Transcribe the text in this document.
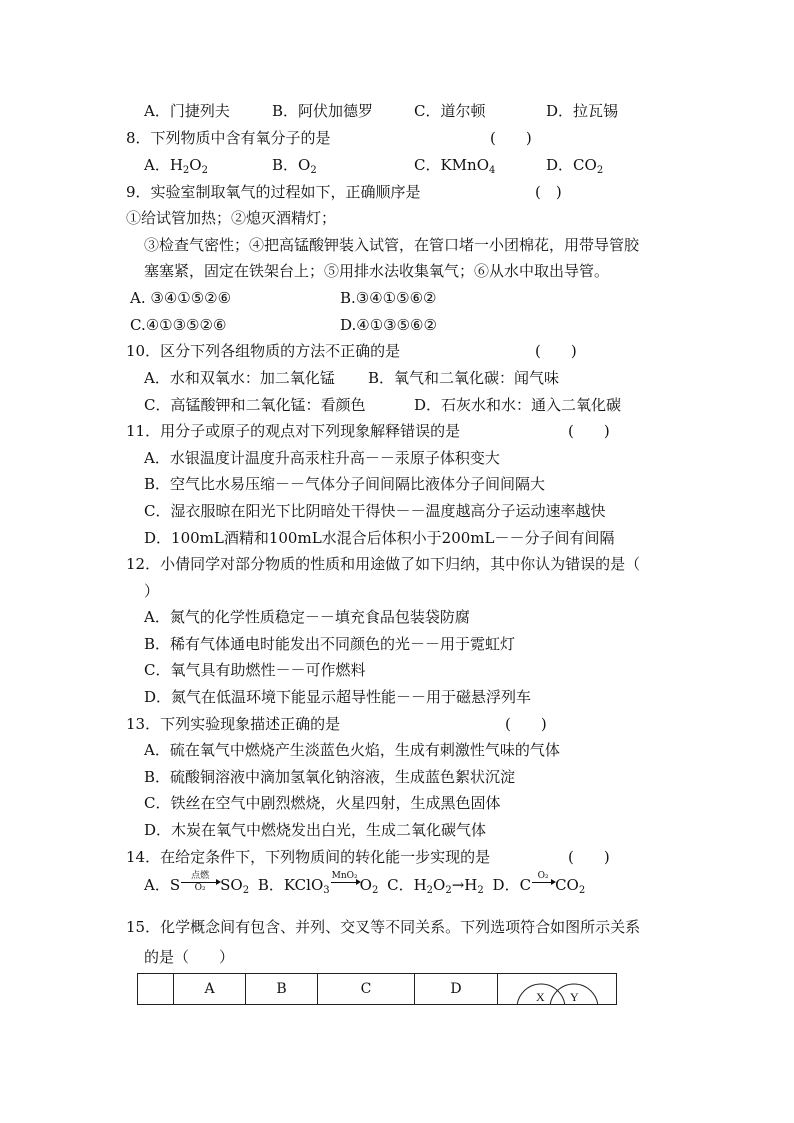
A．门捷列夫	B．阿伏加德罗	C．道尔顿	D．拉瓦锡
8．下列物质中含有氧分子的是	(　　)
A．$H_2O_2$	B．$O_2$	C．KMnO$_4$	D．$CO_2$
9．实验室制取氧气的过程如下，正确顺序是	(　)
①给试管加热；②熄灭酒精灯；
③检查气密性；④把高锰酸钾装入试管，在管口堵一小团棉花，用带导管胶
塞塞紧，固定在铁架台上；⑤用排水法收集氧气；⑥从水中取出导管。
A. ③④①⑤②⑥	B.③④①⑤⑥②
C.④①③⑤②⑥	D.④①③⑤⑥②
10．区分下列各组物质的方法不正确的是	(　　)
A．水和双氧水：加二氧化锰 B．氧气和二氧化碳：闻气味
C．高锰酸钾和二氧化锰：看颜色	D．石灰水和水：通入二氧化碳
11．用分子或原子的观点对下列现象解释错误的是	(　　)
A．水银温度计温度升高汞柱升高－－汞原子体积变大
B．空气比水易压缩－－气体分子间间隔比液体分子间间隔大
C．湿衣服晾在阳光下比阴暗处干得快－－温度越高分子运动速率越快
D．100mL酒精和100mL水混合后体积小于200mL－－分子间有间隔
12．小倩同学对部分物质的性质和用途做了如下归纳，其中你认为错误的是（
）
A．氮气的化学性质稳定－－填充食品包装袋防腐
B．稀有气体通电时能发出不同颜色的光－－用于霓虹灯
C．氧气具有助燃性－－可作燃料
D．氮气在低温环境下能显示超导性能－－用于磁悬浮列车
13．下列实验现象描述正确的是	(　　)
A．硫在氧气中燃烧产生淡蓝色火焰，生成有刺激性气味的气体
B．硫酸铜溶液中滴加氢氧化钠溶液，生成蓝色絮状沉淀
C．铁丝在空气中剧烈燃烧，火星四射，生成黑色固体
D．木炭在氧气中燃烧发出白光，生成二氧化碳气体
14．在给定条件下，下列物质间的转化能一步实现的是	(　　)
A．S	点燃
O₂ $SO_2$ B．KClO$_3$
MnO₂
$O_2$ C．$H_2O_2\to H_2$ D．C O₂
$CO_2$
15．化学概念间有包含、并列、交叉等不同关系。下列选项符合如图所示关系
的是（　　）
	A	B	C	D	X Y
